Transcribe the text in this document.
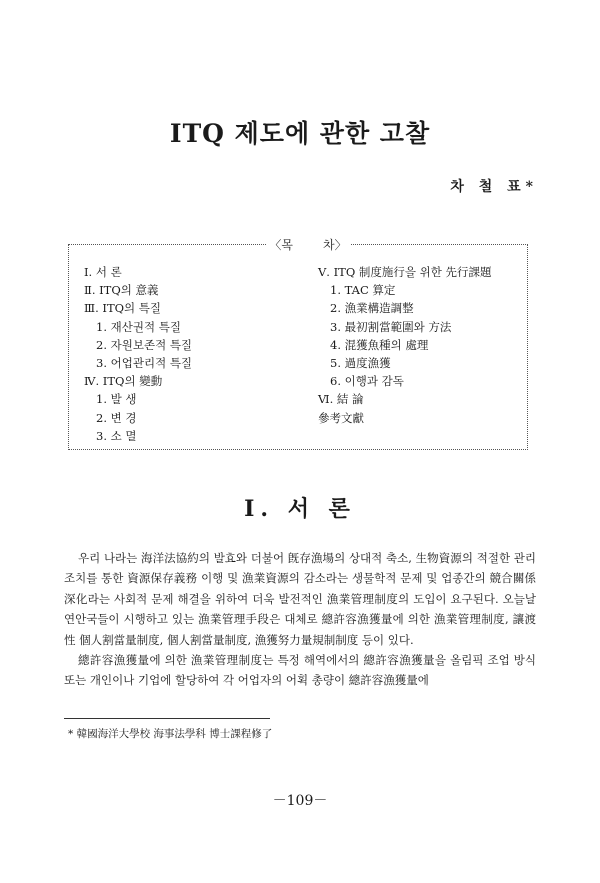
ITQ 제도에 관한 고찰
차 철 표*
〈목	차〉
Ⅰ. 서 론
Ⅱ. ITQ의 意義
Ⅲ. ITQ의 특질
1. 재산권적 특질
2. 자원보존적 특질
3. 어업관리적 특질
Ⅳ. ITQ의 變動
1. 발 생
2. 변 경
3. 소 멸
Ⅴ. ITQ 制度施行을 위한 先行課題
1. TAC 算定
2. 漁業構造調整
3. 最初割當範圍와 方法
4. 混獲魚種의 處理
5. 過度漁獲
6. 이행과 감독
Ⅵ. 結 論
參考文獻
Ⅰ. 서 론

우리 나라는 海洋法協約의 발효와 더불어 旣存漁場의 상대적 축소, 生物資源의 적절한 관리 조치를 통한 資源保存義務 이행 및 漁業資源의 감소라는 생물학적 문제 및 업종간의 競合關係深化라는 사회적 문제 해결을 위하여 더욱 발전적인 漁業管理制度의 도입이 요구된다. 오늘날 연안국들이 시행하고 있는 漁業管理手段은 대체로 總許容漁獲量에 의한 漁業管理制度, 讓渡性 個人割當量制度, 個人割當量制度, 漁獲努力量規制制度 등이 있다.

總許容漁獲量에 의한 漁業管理制度는 특정 해역에서의 總許容漁獲量을 올림픽 조업 방식 또는 개인이나 기업에 할당하여 각 어업자의 어획 총량이 總許容漁獲量에

* 韓國海洋大學校 海事法學科 博士課程修了
－109－
